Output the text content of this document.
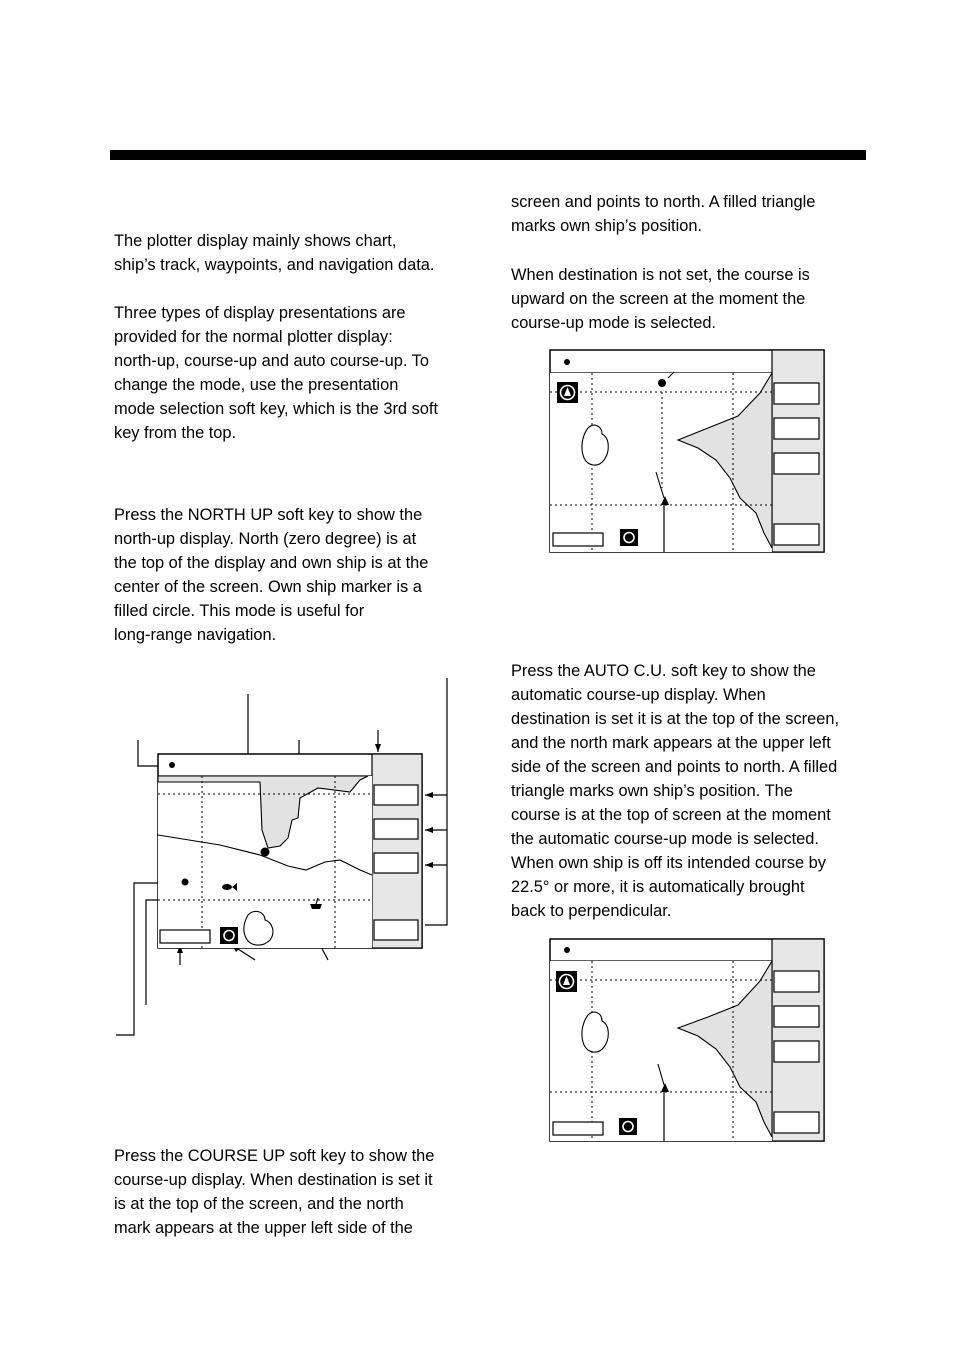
The plotter display mainly shows chart,
ship’s track, waypoints, and navigation data.

Three types of display presentations are
provided for the normal plotter display:
north-up, course-up and auto course-up. To
change the mode, use the presentation
mode selection soft key, which is the 3rd soft
key from the top.

Press the NORTH UP soft key to show the
north-up display. North (zero degree) is at
the top of the display and own ship is at the
center of the screen. Own ship marker is a
filled circle. This mode is useful for
long-range navigation.

Press the COURSE UP soft key to show the
course-up display. When destination is set it
is at the top of the screen, and the north
mark appears at the upper left side of the

screen and points to north. A filled triangle
marks own ship’s position.

When destination is not set, the course is
upward on the screen at the moment the
course-up mode is selected.

Press the AUTO C.U. soft key to show the
automatic course-up display. When
destination is set it is at the top of the screen,
and the north mark appears at the upper left
side of the screen and points to north. A filled
triangle marks own ship’s position. The
course is at the top of screen at the moment
the automatic course-up mode is selected.
When own ship is off its intended course by
22.5° or more, it is automatically brought
back to perpendicular.
